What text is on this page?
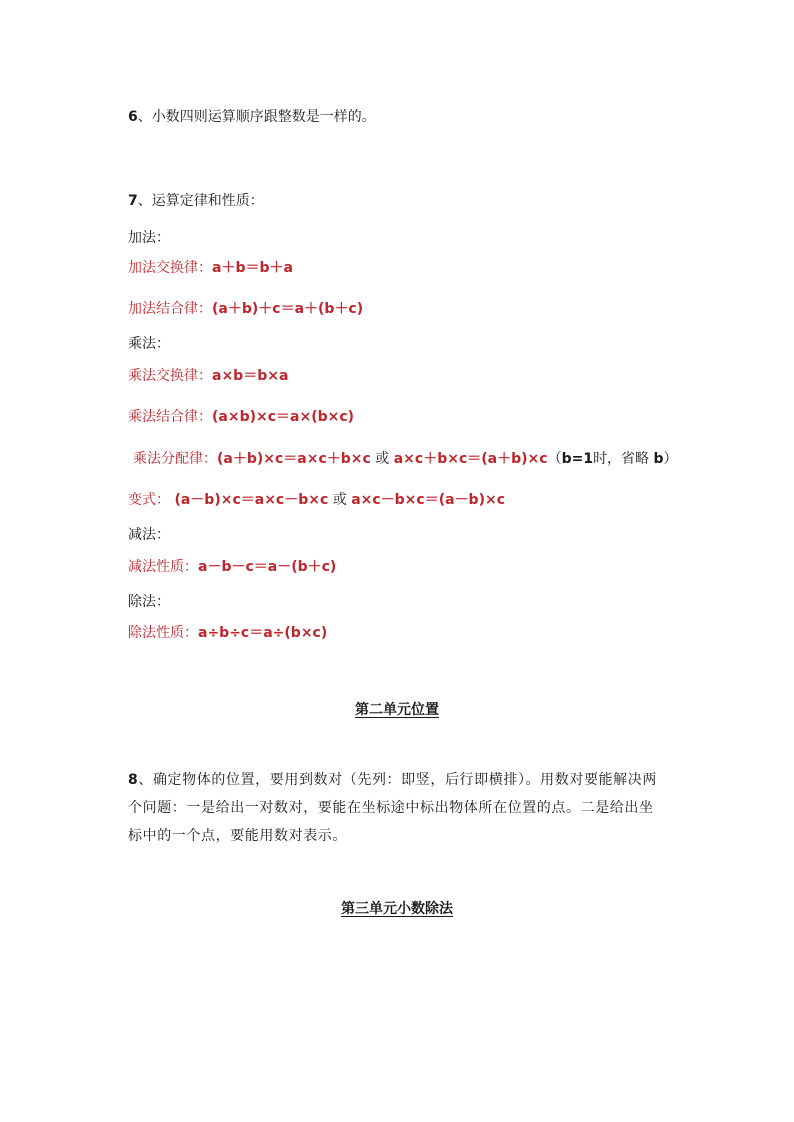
6、小数四则运算顺序跟整数是一样的。
7、运算定律和性质：
加法：
加法交换律：a＋b＝b＋a
加法结合律：(a＋b)＋c＝a＋(b＋c)
乘法：
乘法交换律：a×b＝b×a
乘法结合律：(a×b)×c＝a×(b×c)
乘法分配律：(a＋b)×c＝a×c＋b×c 或 a×c＋b×c＝(a＋b)×c（b=1时，省略 b）
变式： (a－b)×c＝a×c－b×c 或 a×c－b×c＝(a－b)×c
减法：
减法性质：a－b－c＝a－(b＋c)
除法：
除法性质：a÷b÷c＝a÷(b×c)
第二单元位置
8、确定物体的位置，要用到数对（先列：即竖，后行即横排）。用数对要能解决两个问题：一是给出一对数对，要能在坐标途中标出物体所在位置的点。二是给出坐标中的一个点，要能用数对表示。
第三单元小数除法
